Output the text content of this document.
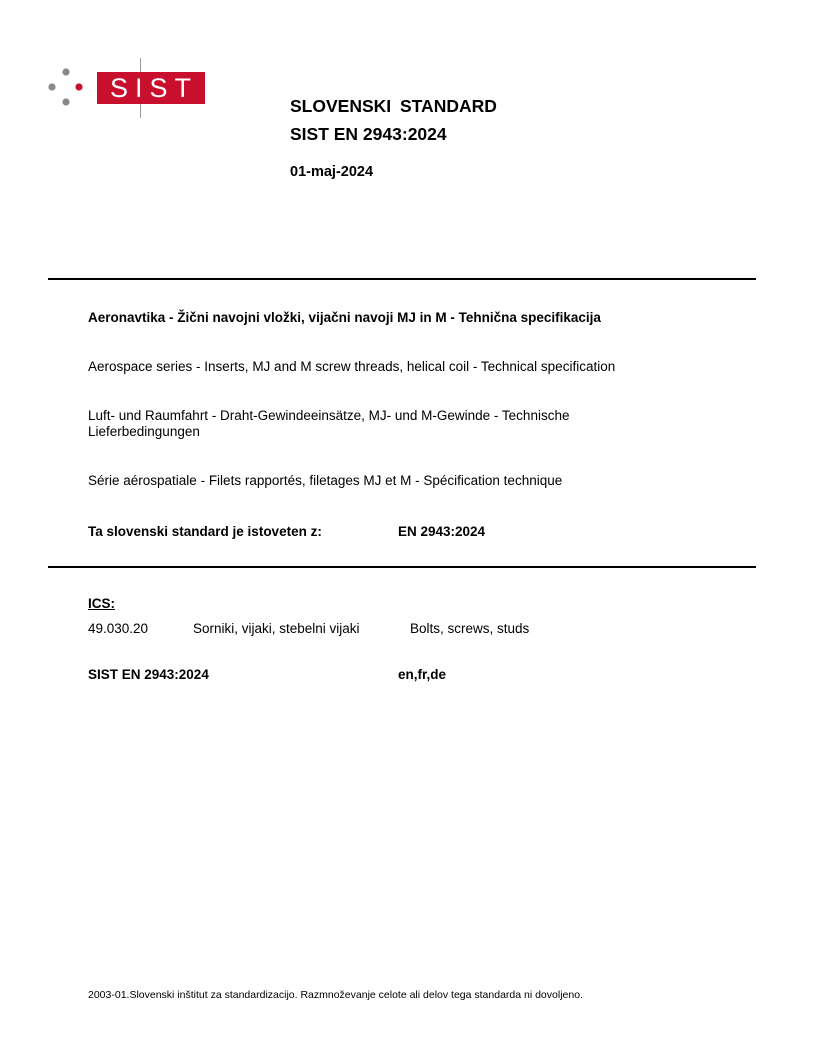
SIST
SLOVENSKI STANDARD
SIST EN 2943:2024
01-maj-2024
Aeronavtika - Žični navojni vložki, vijačni navoji MJ in M - Tehnična specifikacija
Aerospace series - Inserts, MJ and M screw threads, helical coil - Technical specification
Luft- und Raumfahrt - Draht-Gewindeeinsätze, MJ- und M-Gewinde - Technische
Lieferbedingungen
Série aérospatiale - Filets rapportés, filetages MJ et M - Spécification technique
Ta slovenski standard je istoveten z:	EN 2943:2024
ICS:
49.030.20	Sorniki, vijaki, stebelni vijaki	Bolts, screws, studs
SIST EN 2943:2024	en,fr,de
2003-01.Slovenski inštitut za standardizacijo. Razmnoževanje celote ali delov tega standarda ni dovoljeno.
